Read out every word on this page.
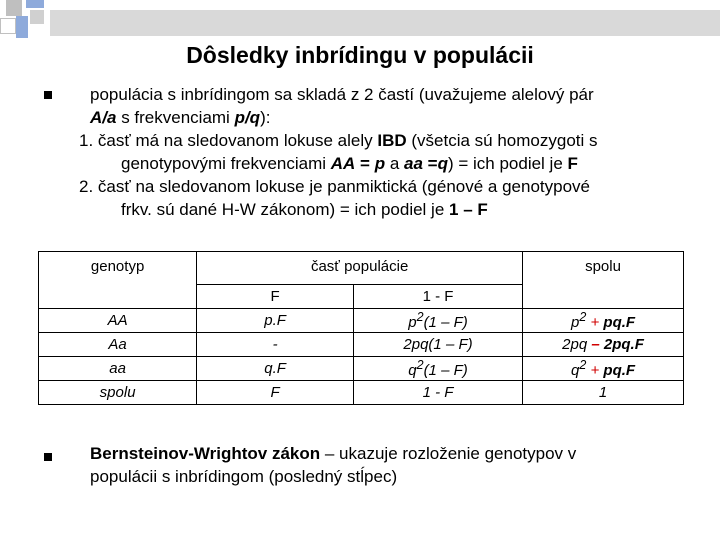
Dôsledky inbrídingu v populácii
populácia s inbrídingom sa skladá z 2 častí (uvažujeme alelový pár
A/a s frekvenciami p/q):
1. časť má na sledovanom lokuse alely IBD (všetcia sú homozygoti s
genotypovými frekvenciami AA = p a aa =q) = ich podiel je F
2. časť na sledovanom lokuse je panmiktická (génové a genotypové
frkv. sú dané H-W zákonom) = ich podiel je 1 – F
genotyp	časť populácie		spolu
	F	1 - F	
AA	p.F	$p^2(1 - F)$	$p^2 + pq.F$
Aa	-	2pq(1 – F)	2pq – 2pq.F
aa	q.F	$q^2(1 - F)$	$q^2 + pq.F$
spolu	F	1 - F	1
Bernsteinov-Wrightov zákon – ukazuje rozloženie genotypov v
populácii s inbrídingom (posledný stĺpec)
